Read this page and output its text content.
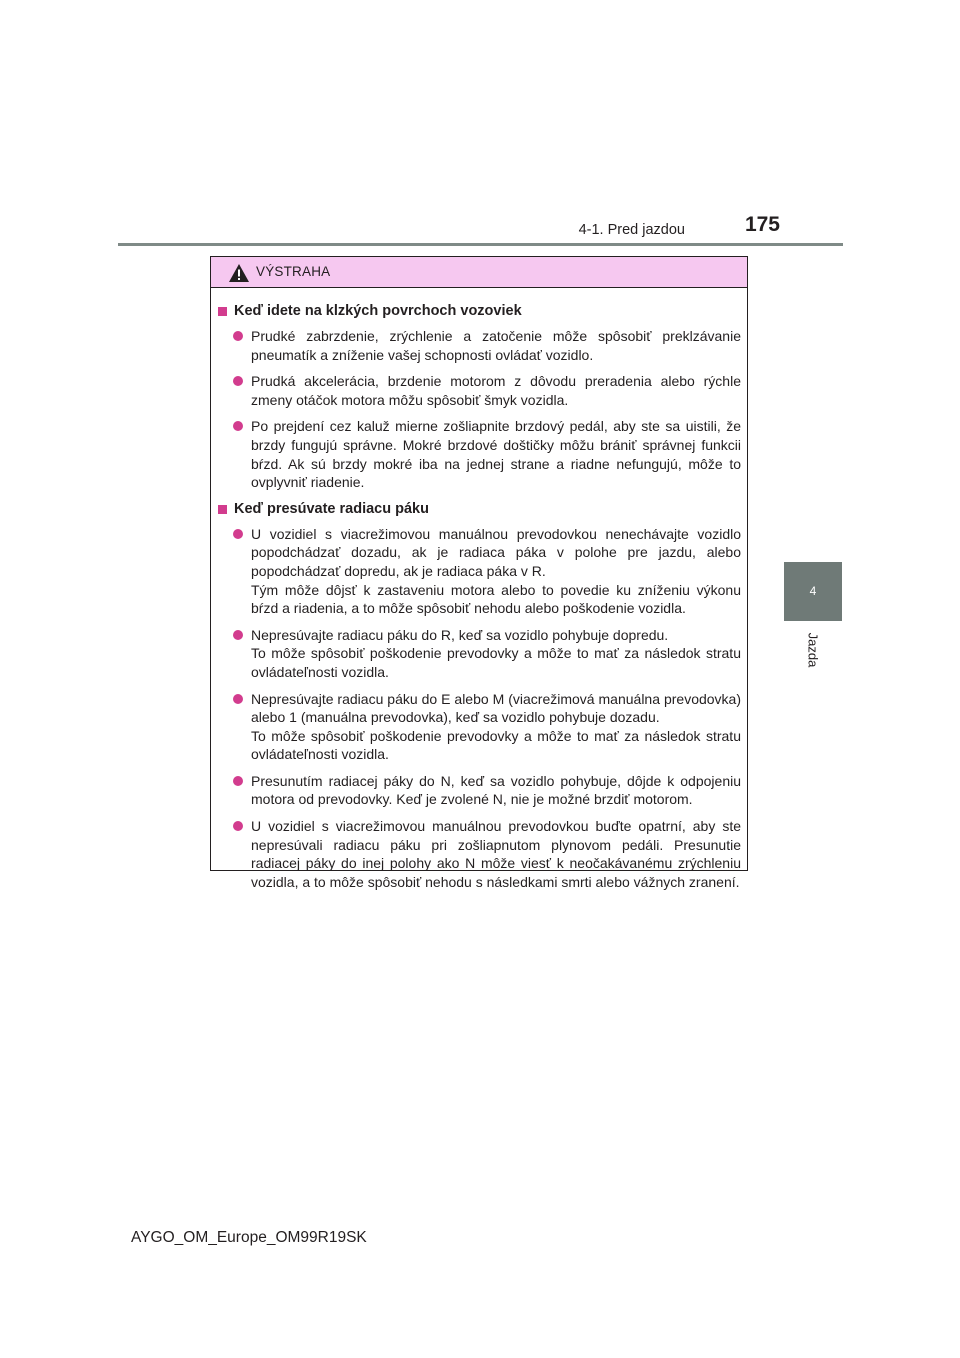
4-1. Pred jazdou	175
4
Jazda
VÝSTRAHA
Keď idete na klzkých povrchoch vozoviek
Prudké zabrzdenie, zrýchlenie a zatočenie môže spôsobiť preklzávanie pneumatík a zníženie vašej schopnosti ovládať vozidlo.
Prudká akcelerácia, brzdenie motorom z dôvodu preradenia alebo rýchle zmeny otáčok motora môžu spôsobiť šmyk vozidla.
Po prejdení cez kaluž mierne zošliapnite brzdový pedál, aby ste sa uistili, že brzdy fungujú správne. Mokré brzdové doštičky môžu brániť správnej funkcii bŕzd. Ak sú brzdy mokré iba na jednej strane a riadne nefungujú, môže to ovplyvniť riadenie.
Keď presúvate radiacu páku
U vozidiel s viacrežimovou manuálnou prevodovkou nenechávajte vozidlo popodchádzať dozadu, ak je radiaca páka v polohe pre jazdu, alebo popodchádzať dopredu, ak je radiaca páka v R.
Tým môže dôjsť k zastaveniu motora alebo to povedie ku zníženiu výkonu bŕzd a riadenia, a to môže spôsobiť nehodu alebo poškodenie vozidla.
Nepresúvajte radiacu páku do R, keď sa vozidlo pohybuje dopredu.
To môže spôsobiť poškodenie prevodovky a môže to mať za následok stratu ovládateľnosti vozidla.
Nepresúvajte radiacu páku do E alebo M (viacrežimová manuálna prevodovka) alebo 1 (manuálna prevodovka), keď sa vozidlo pohybuje dozadu.
To môže spôsobiť poškodenie prevodovky a môže to mať za následok stratu ovládateľnosti vozidla.
Presunutím radiacej páky do N, keď sa vozidlo pohybuje, dôjde k odpojeniu motora od prevodovky. Keď je zvolené N, nie je možné brzdiť motorom.
U vozidiel s viacrežimovou manuálnou prevodovkou buďte opatrní, aby ste nepresúvali radiacu páku pri zošliapnutom plynovom pedáli. Presunutie radiacej páky do inej polohy ako N môže viesť k neočakávanému zrýchleniu vozidla, a to môže spôsobiť nehodu s následkami smrti alebo vážnych zranení.
AYGO_OM_Europe_OM99R19SK
